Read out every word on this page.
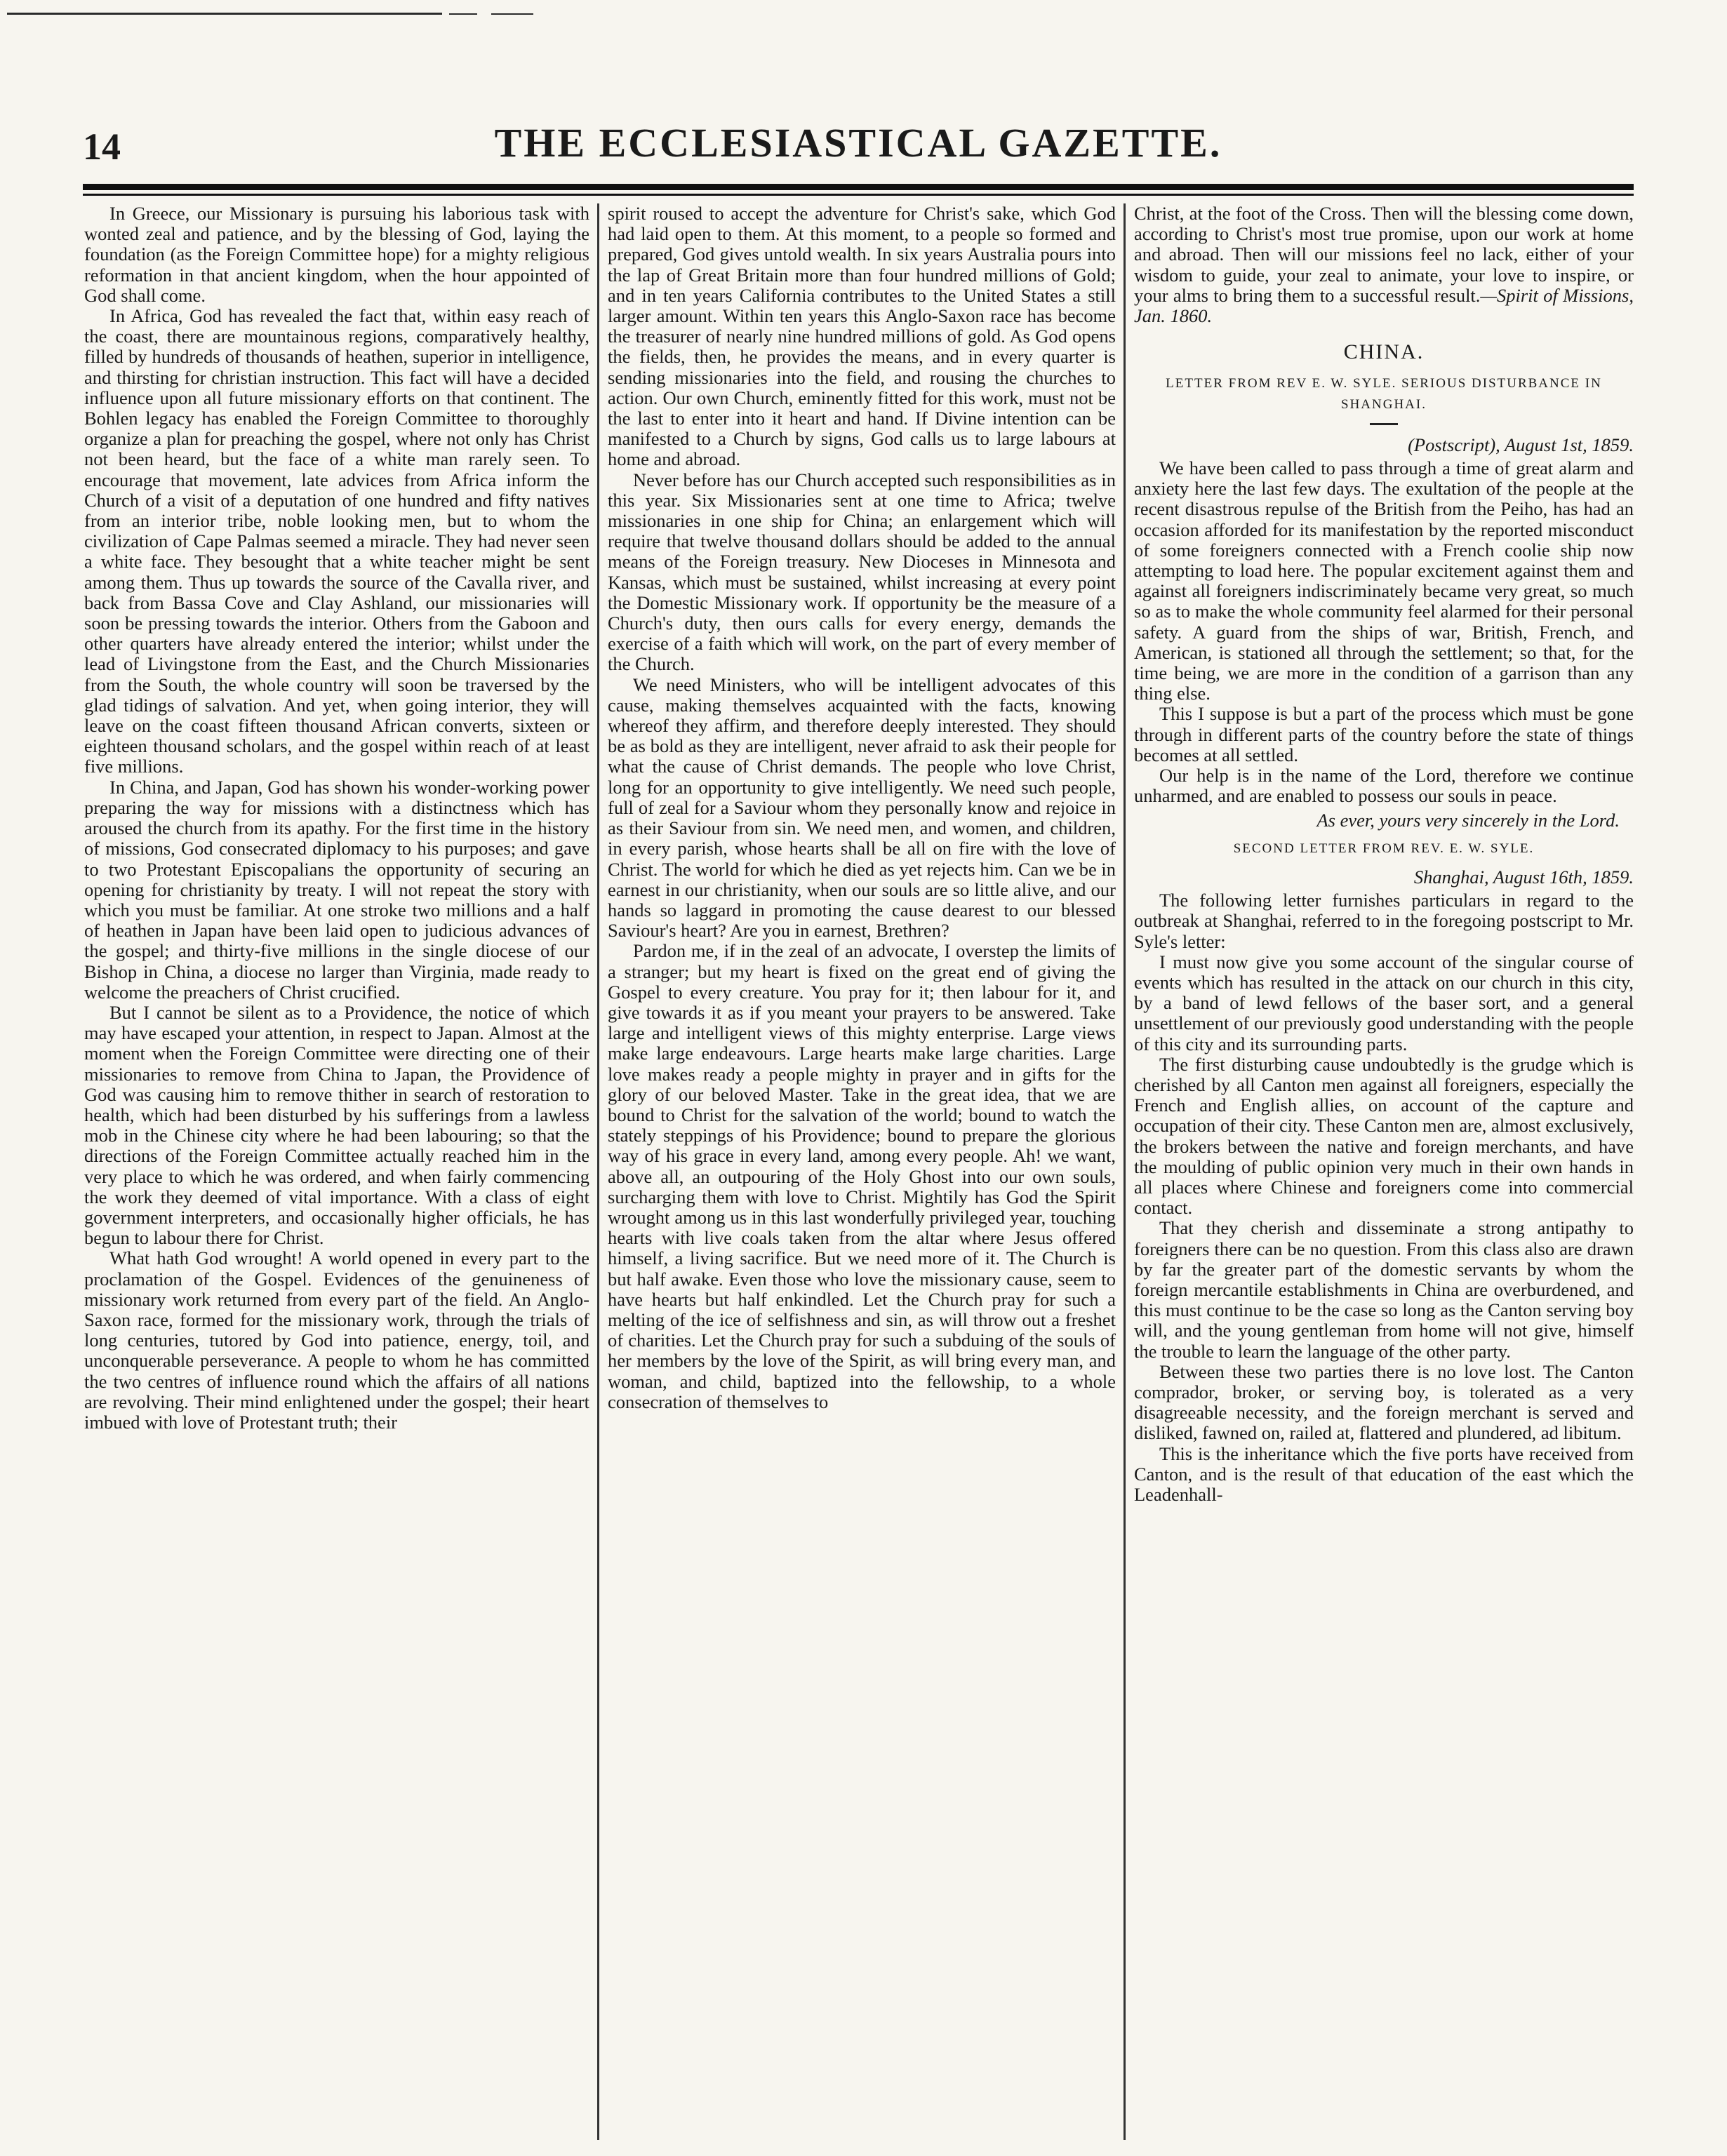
14	THE ECCLESIASTICAL GAZETTE.

In Greece, our Missionary is pursuing his laborious task with wonted zeal and patience, and by the blessing of God, laying the foundation (as the Foreign Committee hope) for a mighty religious reformation in that ancient kingdom, when the hour appointed of God shall come.

In Africa, God has revealed the fact that, within easy reach of the coast, there are mountainous regions, comparatively healthy, filled by hundreds of thousands of heathen, superior in intelligence, and thirsting for christian instruction. This fact will have a decided influence upon all future missionary efforts on that continent. The Bohlen legacy has enabled the Foreign Committee to thoroughly organize a plan for preaching the gospel, where not only has Christ not been heard, but the face of a white man rarely seen. To encourage that movement, late advices from Africa inform the Church of a visit of a deputation of one hundred and fifty natives from an interior tribe, noble looking men, but to whom the civilization of Cape Palmas seemed a miracle. They had never seen a white face. They besought that a white teacher might be sent among them. Thus up towards the source of the Cavalla river, and back from Bassa Cove and Clay Ashland, our missionaries will soon be pressing towards the interior. Others from the Gaboon and other quarters have already entered the interior; whilst under the lead of Livingstone from the East, and the Church Missionaries from the South, the whole country will soon be traversed by the glad tidings of salvation. And yet, when going interior, they will leave on the coast fifteen thousand African converts, sixteen or eighteen thousand scholars, and the gospel within reach of at least five millions.

In China, and Japan, God has shown his wonder-working power preparing the way for missions with a distinctness which has aroused the church from its apathy. For the first time in the history of missions, God consecrated diplomacy to his purposes; and gave to two Protestant Episcopalians the opportunity of securing an opening for christianity by treaty. I will not repeat the story with which you must be familiar. At one stroke two millions and a half of heathen in Japan have been laid open to judicious advances of the gospel; and thirty-five millions in the single diocese of our Bishop in China, a diocese no larger than Virginia, made ready to welcome the preachers of Christ crucified.

But I cannot be silent as to a Providence, the notice of which may have escaped your attention, in respect to Japan. Almost at the moment when the Foreign Committee were directing one of their missionaries to remove from China to Japan, the Providence of God was causing him to remove thither in search of restoration to health, which had been disturbed by his sufferings from a lawless mob in the Chinese city where he had been labouring; so that the directions of the Foreign Committee actually reached him in the very place to which he was ordered, and when fairly commencing the work they deemed of vital importance. With a class of eight government interpreters, and occasionally higher officials, he has begun to labour there for Christ.

What hath God wrought! A world opened in every part to the proclamation of the Gospel. Evidences of the genuineness of missionary work returned from every part of the field. An Anglo-Saxon race, formed for the missionary work, through the trials of long centuries, tutored by God into patience, energy, toil, and unconquerable perseverance. A people to whom he has committed the two centres of influence round which the affairs of all nations are revolving. Their mind enlightened under the gospel; their heart imbued with love of Protestant truth; their

spirit roused to accept the adventure for Christ's sake, which God had laid open to them. At this moment, to a people so formed and prepared, God gives untold wealth. In six years Australia pours into the lap of Great Britain more than four hundred millions of Gold; and in ten years California contributes to the United States a still larger amount. Within ten years this Anglo-Saxon race has become the treasurer of nearly nine hundred millions of gold. As God opens the fields, then, he provides the means, and in every quarter is sending missionaries into the field, and rousing the churches to action. Our own Church, eminently fitted for this work, must not be the last to enter into it heart and hand. If Divine intention can be manifested to a Church by signs, God calls us to large labours at home and abroad.

Never before has our Church accepted such responsibilities as in this year. Six Missionaries sent at one time to Africa; twelve missionaries in one ship for China; an enlargement which will require that twelve thousand dollars should be added to the annual means of the Foreign treasury. New Dioceses in Minnesota and Kansas, which must be sustained, whilst increasing at every point the Domestic Missionary work. If opportunity be the measure of a Church's duty, then ours calls for every energy, demands the exercise of a faith which will work, on the part of every member of the Church.

We need Ministers, who will be intelligent advocates of this cause, making themselves acquainted with the facts, knowing whereof they affirm, and therefore deeply interested. They should be as bold as they are intelligent, never afraid to ask their people for what the cause of Christ demands. The people who love Christ, long for an opportunity to give intelligently. We need such people, full of zeal for a Saviour whom they personally know and rejoice in as their Saviour from sin. We need men, and women, and children, in every parish, whose hearts shall be all on fire with the love of Christ. The world for which he died as yet rejects him. Can we be in earnest in our christianity, when our souls are so little alive, and our hands so laggard in promoting the cause dearest to our blessed Saviour's heart? Are you in earnest, Brethren?

Pardon me, if in the zeal of an advocate, I overstep the limits of a stranger; but my heart is fixed on the great end of giving the Gospel to every creature. You pray for it; then labour for it, and give towards it as if you meant your prayers to be answered. Take large and intelligent views of this mighty enterprise. Large views make large endeavours. Large hearts make large charities. Large love makes ready a people mighty in prayer and in gifts for the glory of our beloved Master. Take in the great idea, that we are bound to Christ for the salvation of the world; bound to watch the stately steppings of his Providence; bound to prepare the glorious way of his grace in every land, among every people. Ah! we want, above all, an outpouring of the Holy Ghost into our own souls, surcharging them with love to Christ. Mightily has God the Spirit wrought among us in this last wonderfully privileged year, touching hearts with live coals taken from the altar where Jesus offered himself, a living sacrifice. But we need more of it. The Church is but half awake. Even those who love the missionary cause, seem to have hearts but half enkindled. Let the Church pray for such a melting of the ice of selfishness and sin, as will throw out a freshet of charities. Let the Church pray for such a subduing of the souls of her members by the love of the Spirit, as will bring every man, and woman, and child, baptized into the fellowship, to a whole consecration of themselves to

Christ, at the foot of the Cross. Then will the blessing come down, according to Christ's most true promise, upon our work at home and abroad. Then will our missions feel no lack, either of your wisdom to guide, your zeal to animate, your love to inspire, or your alms to bring them to a successful result.—Spirit of Missions, Jan. 1860.

CHINA.
LETTER FROM REV E. W. SYLE. SERIOUS DISTURBANCE IN SHANGHAI.
(Postscript), August 1st, 1859.

We have been called to pass through a time of great alarm and anxiety here the last few days. The exultation of the people at the recent disastrous repulse of the British from the Peiho, has had an occasion afforded for its manifestation by the reported misconduct of some foreigners connected with a French coolie ship now attempting to load here. The popular excitement against them and against all foreigners indiscriminately became very great, so much so as to make the whole community feel alarmed for their personal safety. A guard from the ships of war, British, French, and American, is stationed all through the settlement; so that, for the time being, we are more in the condition of a garrison than any thing else.

This I suppose is but a part of the process which must be gone through in different parts of the country before the state of things becomes at all settled.

Our help is in the name of the Lord, therefore we continue unharmed, and are enabled to possess our souls in peace.

As ever, yours very sincerely in the Lord.
SECOND LETTER FROM REV. E. W. SYLE.
Shanghai, August 16th, 1859.

The following letter furnishes particulars in regard to the outbreak at Shanghai, referred to in the foregoing postscript to Mr. Syle's letter:

I must now give you some account of the singular course of events which has resulted in the attack on our church in this city, by a band of lewd fellows of the baser sort, and a general unsettlement of our previously good understanding with the people of this city and its surrounding parts.

The first disturbing cause undoubtedly is the grudge which is cherished by all Canton men against all foreigners, especially the French and English allies, on account of the capture and occupation of their city. These Canton men are, almost exclusively, the brokers between the native and foreign merchants, and have the moulding of public opinion very much in their own hands in all places where Chinese and foreigners come into commercial contact.

That they cherish and disseminate a strong antipathy to foreigners there can be no question. From this class also are drawn by far the greater part of the domestic servants by whom the foreign mercantile establishments in China are overburdened, and this must continue to be the case so long as the Canton serving boy will, and the young gentleman from home will not give, himself the trouble to learn the language of the other party.

Between these two parties there is no love lost. The Canton comprador, broker, or serving boy, is tolerated as a very disagreeable necessity, and the foreign merchant is served and disliked, fawned on, railed at, flattered and plundered, ad libitum.

This is the inheritance which the five ports have received from Canton, and is the result of that education of the east which the Leadenhall-
